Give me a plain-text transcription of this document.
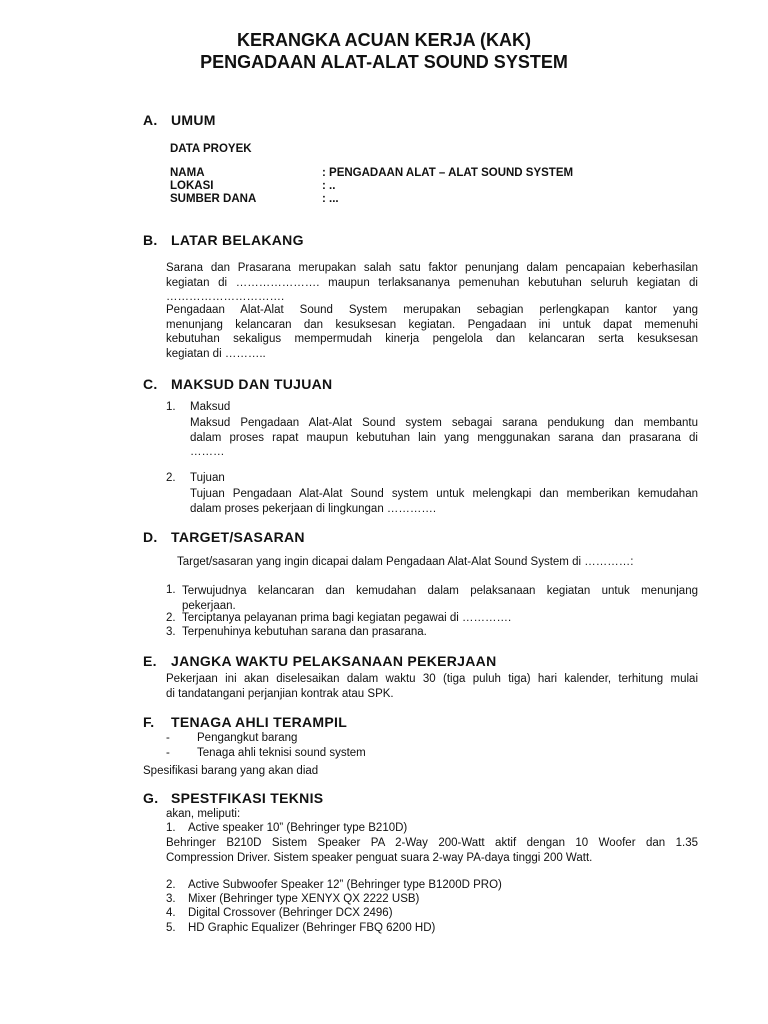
KERANGKA ACUAN KERJA (KAK)
PENGADAAN ALAT-ALAT SOUND SYSTEM
A. UMUM
DATA PROYEK
NAMA	: PENGADAAN ALAT – ALAT SOUND SYSTEM
LOKASI	: ..
SUMBER DANA	: ...
B. LATAR BELAKANG
Sarana dan Prasarana merupakan salah satu faktor penunjang dalam pencapaian keberhasilan
kegiatan di …………………. maupun terlaksananya pemenuhan kebutuhan seluruh kegiatan di
………………………….
Pengadaan Alat-Alat Sound System merupakan sebagian perlengkapan kantor yang
menunjang kelancaran dan kesuksesan kegiatan. Pengadaan ini untuk dapat memenuhi
kebutuhan sekaligus mempermudah kinerja pengelola dan kelancaran serta kesuksesan
kegiatan di ………..
C. MAKSUD DAN TUJUAN
1. Maksud
Maksud Pengadaan Alat-Alat Sound system sebagai sarana pendukung dan membantu
dalam proses rapat maupun kebutuhan lain yang menggunakan sarana dan prasarana di
………
2. Tujuan
Tujuan Pengadaan Alat-Alat Sound system untuk melengkapi dan memberikan kemudahan
dalam proses pekerjaan di lingkungan ………….
D. TARGET/SASARAN
Target/sasaran yang ingin dicapai dalam Pengadaan Alat-Alat Sound System di …………:
1. Terwujudnya kelancaran dan kemudahan dalam pelaksanaan kegiatan untuk menunjang
pekerjaan.
2. Terciptanya pelayanan prima bagi kegiatan pegawai di ………….
3. Terpenuhinya kebutuhan sarana dan prasarana.
E. JANGKA WAKTU PELAKSANAAN PEKERJAAN
Pekerjaan ini akan diselesaikan dalam waktu 30 (tiga puluh tiga) hari kalender, terhitung mulai
di tandatangani perjanjian kontrak atau SPK.
F. TENAGA AHLI TERAMPIL
- Pengangkut barang
- Tenaga ahli teknisi sound system
Spesifikasi barang yang akan diad
G. SPESTFIKASI TEKNIS
akan, meliputi:
1. Active speaker 10” (Behringer type B210D)
Behringer B210D Sistem Speaker PA 2-Way 200-Watt aktif dengan 10 Woofer dan 1.35
Compression Driver. Sistem speaker penguat suara 2-way PA-daya tinggi 200 Watt.
2. Active Subwoofer Speaker 12” (Behringer type B1200D PRO)
3. Mixer (Behringer type XENYX QX 2222 USB)
4. Digital Crossover (Behringer DCX 2496)
5. HD Graphic Equalizer (Behringer FBQ 6200 HD)
